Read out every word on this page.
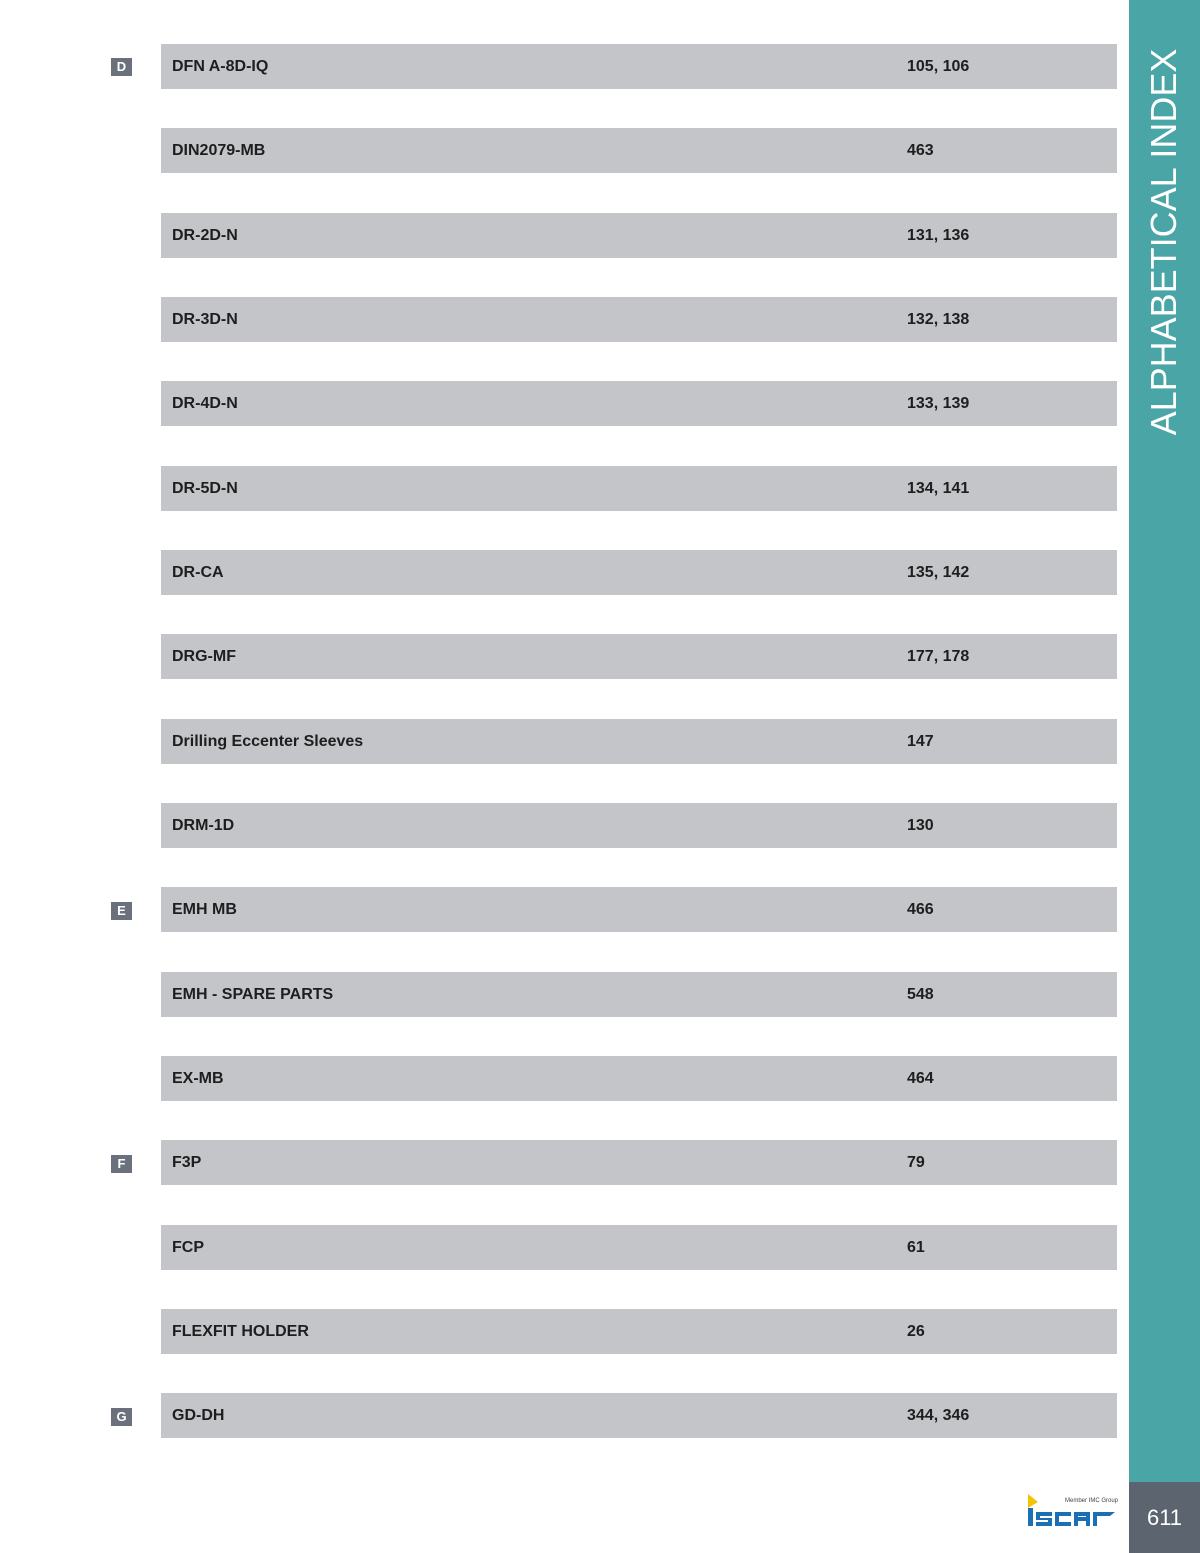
D
E
F
G
DFN A-8D-IQ	105, 106
DIN2079-MB	463
DR-2D-N	131, 136
DR-3D-N	132, 138
DR-4D-N	133, 139
DR-5D-N	134, 141
DR-CA	135, 142
DRG-MF	177, 178
Drilling Eccenter Sleeves	147
DRM-1D	130
EMH MB	466
EMH - SPARE PARTS	548
EX-MB	464
F3P	79
FCP	61
FLEXFIT HOLDER	26
GD-DH	344, 346
ALPHABETICAL INDEX
Member IMC Group
611
